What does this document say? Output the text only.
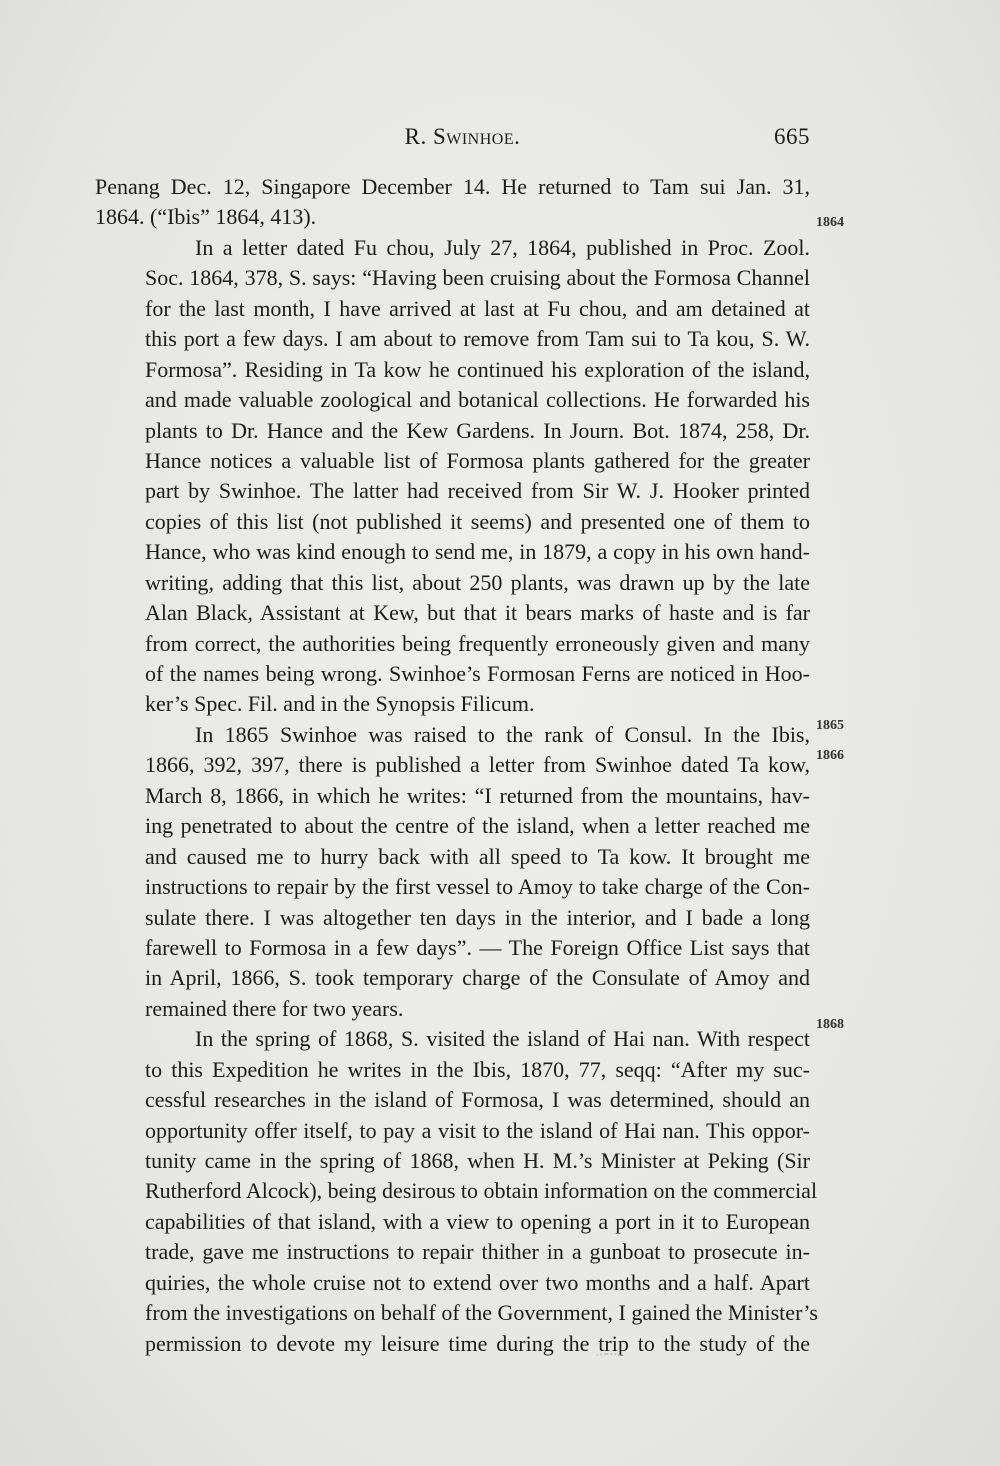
R. Swinhoe.	665
Penang Dec. 12, Singapore December 14. He returned to Tam sui Jan. 31,
1864. (“Ibis” 1864, 413).
In a letter dated Fu chou, July 27, 1864, published in Proc. Zool.
Soc. 1864, 378, S. says: “Having been cruising about the Formosa Channel
for the last month, I have arrived at last at Fu chou, and am detained at
this port a few days. I am about to remove from Tam sui to Ta kou, S. W.
Formosa”. Residing in Ta kow he continued his exploration of the island,
and made valuable zoological and botanical collections. He forwarded his
plants to Dr. Hance and the Kew Gardens. In Journ. Bot. 1874, 258, Dr.
Hance notices a valuable list of Formosa plants gathered for the greater
part by Swinhoe. The latter had received from Sir W. J. Hooker printed
copies of this list (not published it seems) and presented one of them to
Hance, who was kind enough to send me, in 1879, a copy in his own hand-
writing, adding that this list, about 250 plants, was drawn up by the late
Alan Black, Assistant at Kew, but that it bears marks of haste and is far
from correct, the authorities being frequently erroneously given and many
of the names being wrong. Swinhoe’s Formosan Ferns are noticed in Hoo-
ker’s Spec. Fil. and in the Synopsis Filicum.
In 1865 Swinhoe was raised to the rank of Consul. In the Ibis,
1866, 392, 397, there is published a letter from Swinhoe dated Ta kow,
March 8, 1866, in which he writes: “I returned from the mountains, hav-
ing penetrated to about the centre of the island, when a letter reached me
and caused me to hurry back with all speed to Ta kow. It brought me
instructions to repair by the first vessel to Amoy to take charge of the Con-
sulate there. I was altogether ten days in the interior, and I bade a long
farewell to Formosa in a few days”. — The Foreign Office List says that
in April, 1866, S. took temporary charge of the Consulate of Amoy and
remained there for two years.
In the spring of 1868, S. visited the island of Hai nan. With respect
to this Expedition he writes in the Ibis, 1870, 77, seqq: “After my suc-
cessful researches in the island of Formosa, I was determined, should an
opportunity offer itself, to pay a visit to the island of Hai nan. This oppor-
tunity came in the spring of 1868, when H. M.’s Minister at Peking (Sir
Rutherford Alcock), being desirous to obtain information on the commercial
capabilities of that island, with a view to opening a port in it to European
trade, gave me instructions to repair thither in a gunboat to prosecute in-
quiries, the whole cruise not to extend over two months and a half. Apart
from the investigations on behalf of the Government, I gained the Minister’s
permission to devote my leisure time during the trip to the study of the
1864
1865
1866
1868
